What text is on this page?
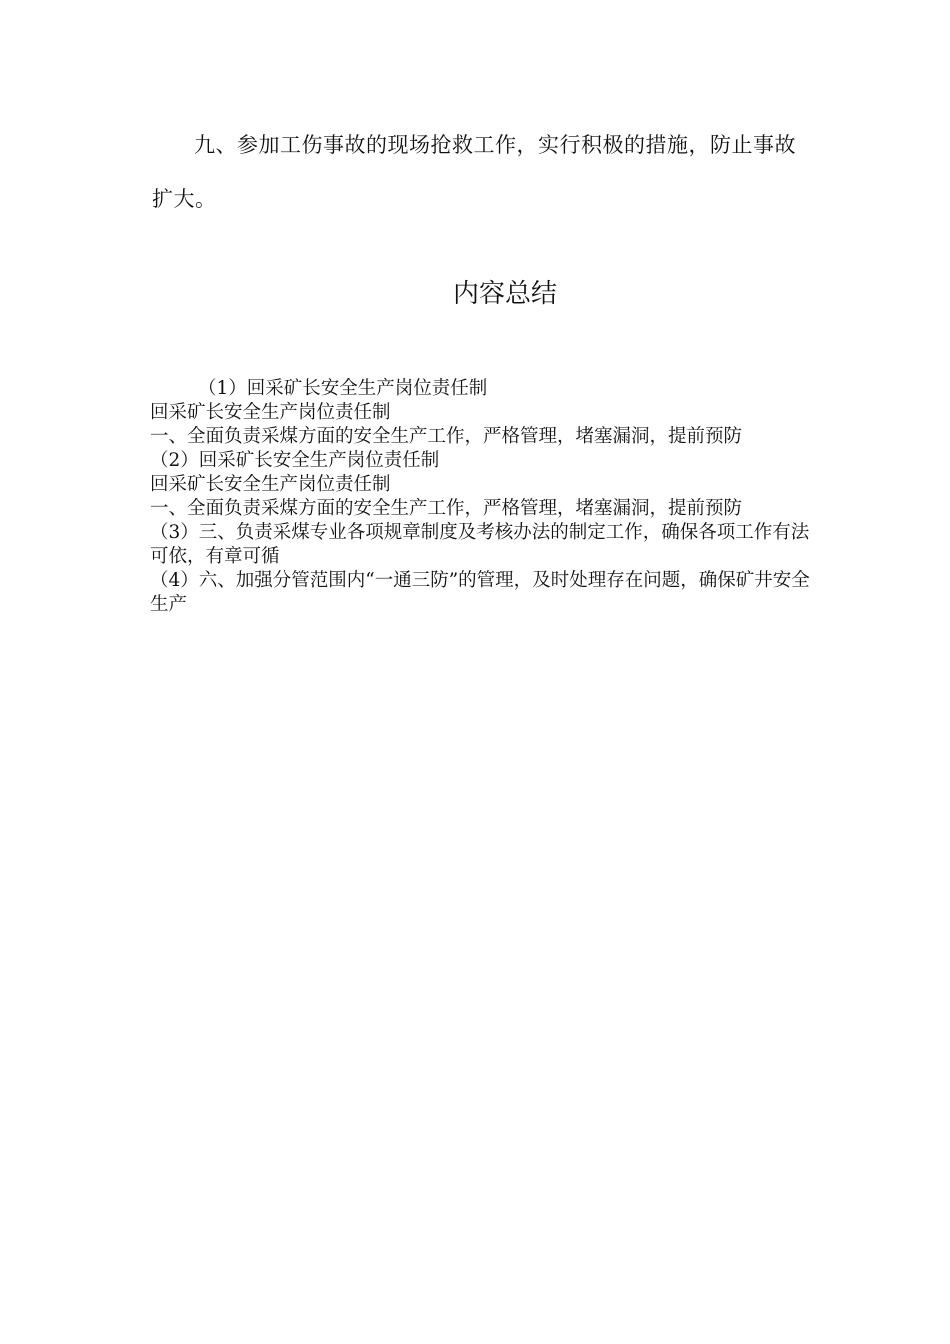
九、参加工伤事故的现场抢救工作，实行积极的措施，防止事故扩大。

内容总结

（1）回采矿长安全生产岗位责任制

回采矿长安全生产岗位责任制

一、全面负责采煤方面的安全生产工作，严格管理，堵塞漏洞，提前预防

（2）回采矿长安全生产岗位责任制

回采矿长安全生产岗位责任制

一、全面负责采煤方面的安全生产工作，严格管理，堵塞漏洞，提前预防

（3）三、负责采煤专业各项规章制度及考核办法的制定工作，确保各项工作有法可依，有章可循

（4）六、加强分管范围内“一通三防”的管理，及时处理存在问题，确保矿井安全生产
